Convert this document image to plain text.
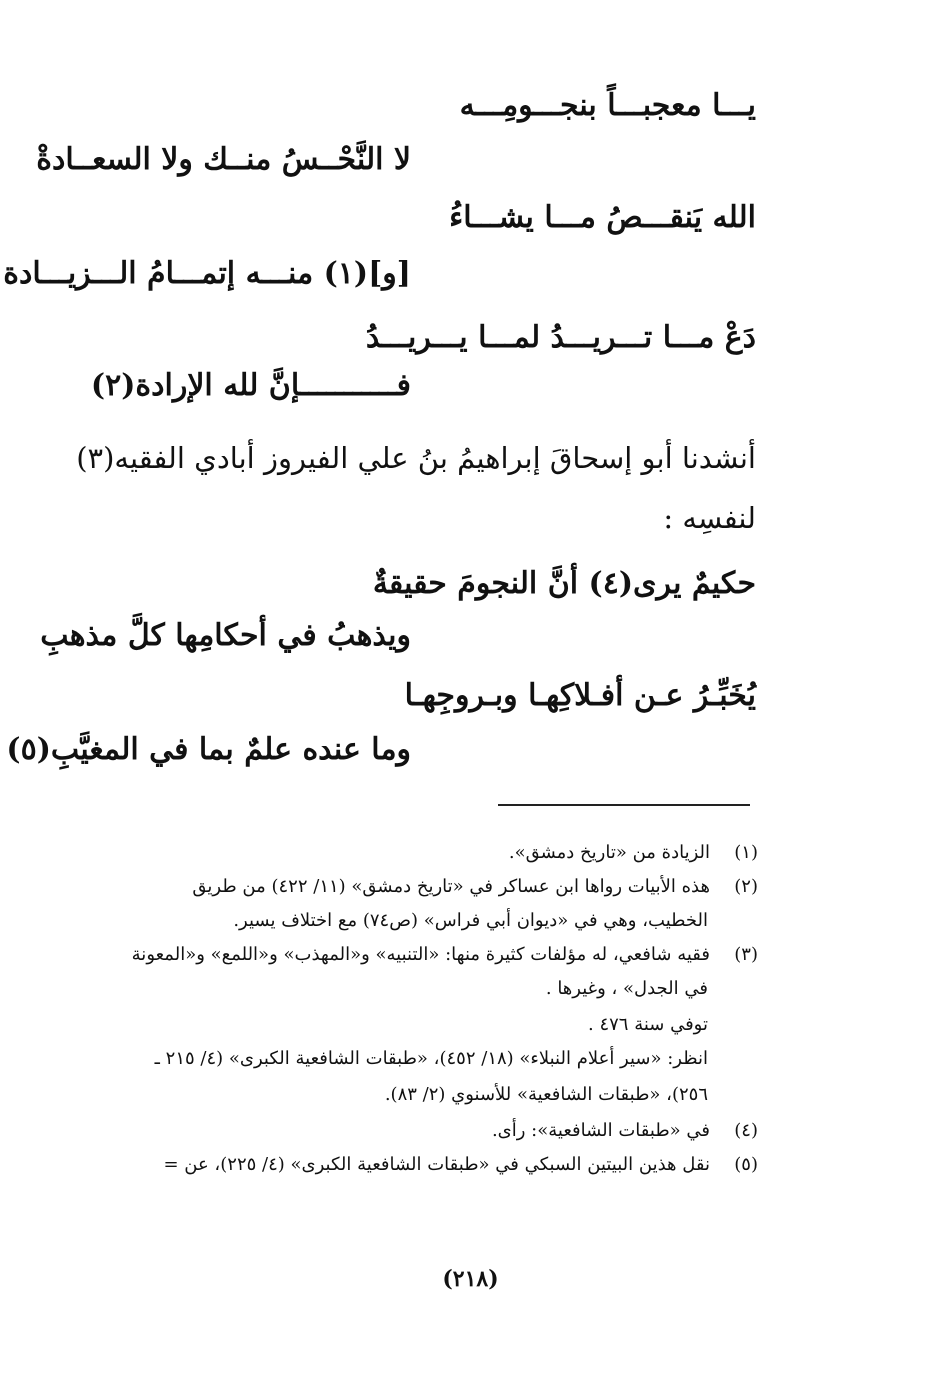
يـــا معجبـــاً بنجـــومِـــه
لا النَّحْــسُ منــك ولا السعــادةْ
الله يَنقـــصُ مـــا يشـــاءُ
[و](١) منـــه إتمـــامُ الـــزيـــادة
دَعْ مـــا تـــريـــدُ لمـــا يـــريـــدُ
فـــــــــــإنَّ لله الإرادة(٢)
أنشدنا أبو إسحاقَ إبراهيمُ بنُ علي الفيروز أبادي الفقيه(٣)
لنفسِه :
حكيمٌ يرى(٤) أنَّ النجومَ حقيقةٌ
ويذهبُ في أحكامِها كلَّ مذهبِ
يُخَبِّـرُ عـن أفـلاكِهـا وبـروجِهـا
وما عنده علمٌ بما في المغيَّبِ(٥)
(١)الزيادة من «تاريخ دمشق».
(٢)هذه الأبيات رواها ابن عساكر في «تاريخ دمشق» (١١/ ٤٢٢) من طريق
الخطيب، وهي في «ديوان أبي فراس» (ص٧٤) مع اختلاف يسير.
(٣)فقيه شافعي، له مؤلفات كثيرة منها: «التنبيه» و«المهذب» و«اللمع» و«المعونة
في الجدل» ، وغيرها .
توفي سنة ٤٧٦ .
انظر: «سير أعلام النبلاء» (١٨/ ٤٥٢)، «طبقات الشافعية الكبرى» (٤/ ٢١٥ ـ
٢٥٦)، «طبقات الشافعية» للأسنوي (٢/ ٨٣).
(٤)في «طبقات الشافعية»: رأى.
(٥)نقل هذين البيتين السبكي في «طبقات الشافعية الكبرى» (٤/ ٢٢٥)، عن =
(٢١٨)
